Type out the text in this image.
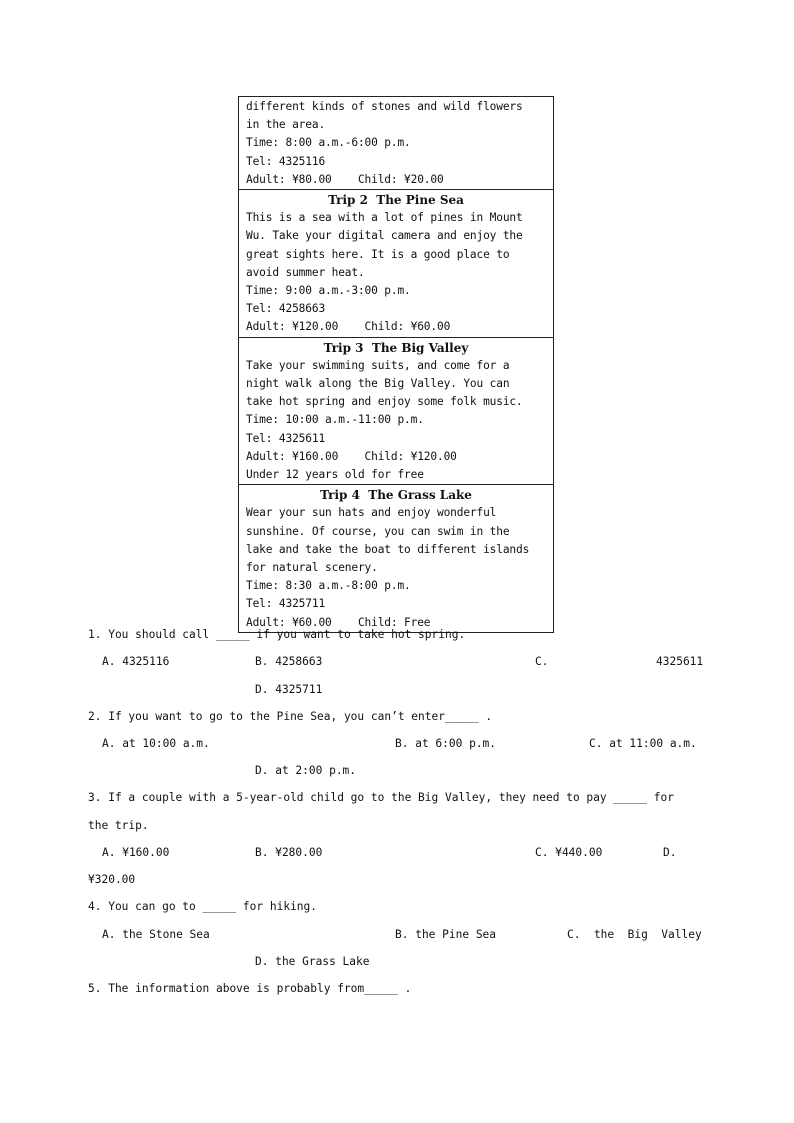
different kinds of stones and wild flowers
in the area.
Time: 8:00 a.m.-6:00 p.m.
Tel: 4325116
Adult: ¥80.00    Child: ¥20.00
Trip 2  The Pine Sea
This is a sea with a lot of pines in Mount
Wu. Take your digital camera and enjoy the
great sights here. It is a good place to
avoid summer heat.
Time: 9:00 a.m.-3:00 p.m.
Tel: 4258663
Adult: ¥120.00    Child: ¥60.00
Trip 3  The Big Valley
Take your swimming suits, and come for a
night walk along the Big Valley. You can
take hot spring and enjoy some folk music.
Time: 10:00 a.m.-11:00 p.m.
Tel: 4325611
Adult: ¥160.00    Child: ¥120.00
Under 12 years old for free
Trip 4  The Grass Lake
Wear your sun hats and enjoy wonderful
sunshine. Of course, you can swim in the
lake and take the boat to different islands
for natural scenery.
Time: 8:30 a.m.-8:00 p.m.
Tel: 4325711
Adult: ¥60.00    Child: Free
1. You should call _____ if you want to take hot spring.
A. 4325116	B. 4258663	C.	4325611
D. 4325711
2. If you want to go to the Pine Sea, you can’t enter_____ .
A. at 10:00 a.m.	B. at 6:00 p.m.	C. at 11:00 a.m.
D. at 2:00 p.m.
3. If a couple with a 5-year-old child go to the Big Valley, they need to pay _____ for
the trip.
A. ¥160.00	B. ¥280.00	C. ¥440.00	D.
¥320.00
4. You can go to _____ for hiking.
A. the Stone Sea	B. the Pine Sea	C.  the  Big  Valley
D. the Grass Lake
5. The information above is probably from_____ .
